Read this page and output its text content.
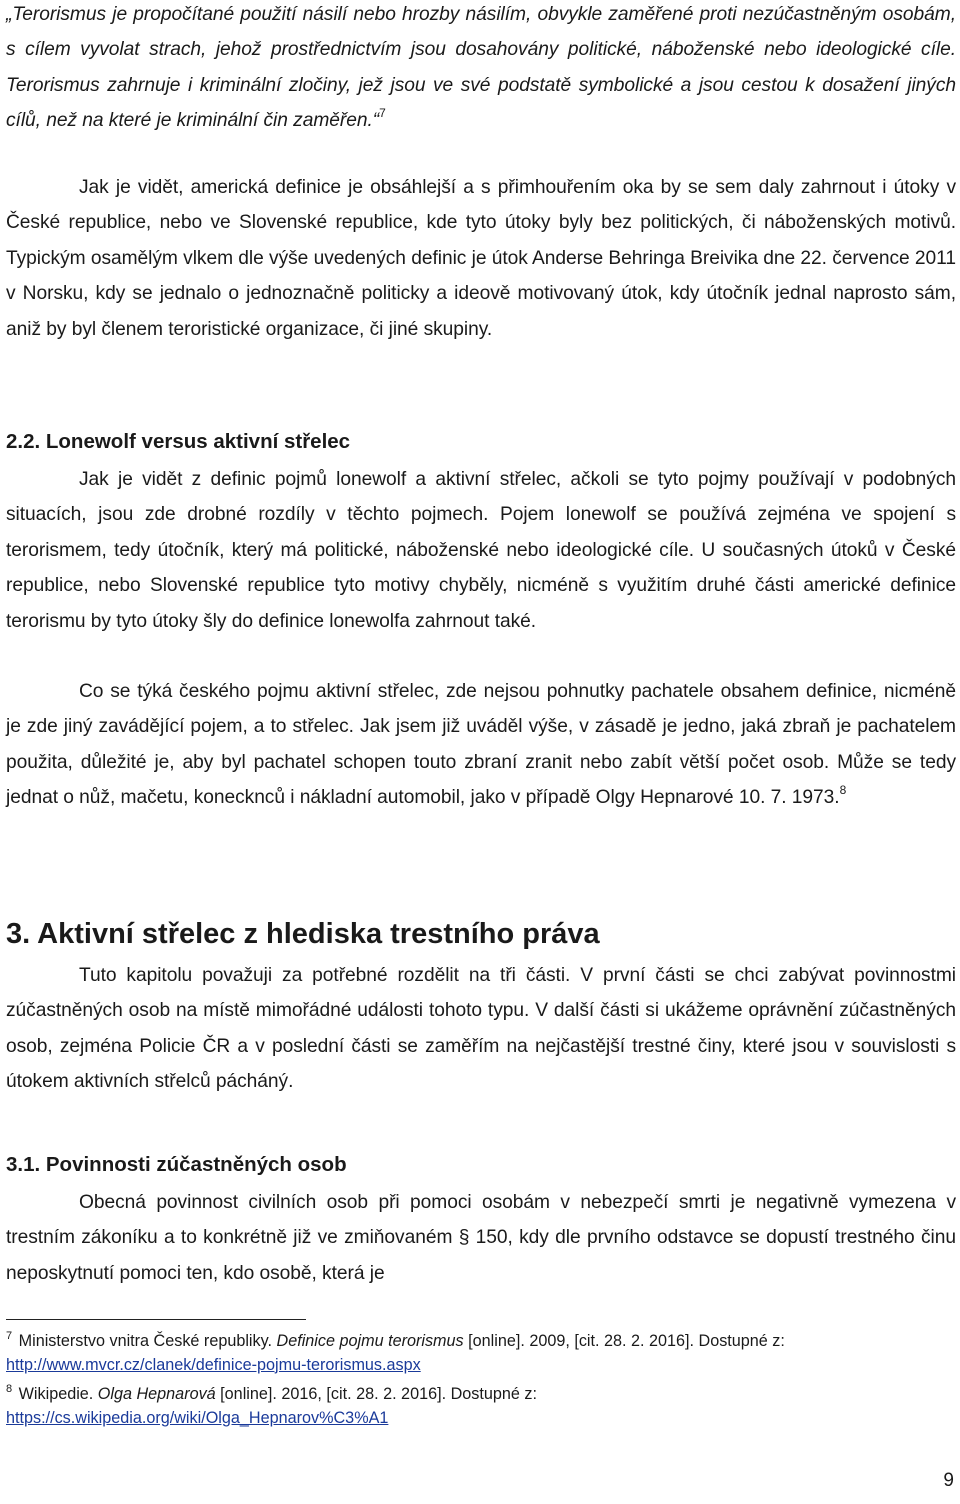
„Terorismus je propočítané použití násilí nebo hrozby násilím, obvykle zaměřené proti nezúčastněným osobám, s cílem vyvolat strach, jehož prostřednictvím jsou dosahovány politické, náboženské nebo ideologické cíle. Terorismus zahrnuje i kriminální zločiny, jež jsou ve své podstatě symbolické a jsou cestou k dosažení jiných cílů, než na které je kriminální čin zaměřen.“$^7$

Jak je vidět, americká definice je obsáhlejší a s přimhouřením oka by se sem daly zahrnout i útoky v České republice, nebo ve Slovenské republice, kde tyto útoky byly bez politických, či náboženských motivů. Typickým osamělým vlkem dle výše uvedených definic je útok Anderse Behringa Breivika dne 22. července 2011 v Norsku, kdy se jednalo o jednoznačně politicky a ideově motivovaný útok, kdy útočník jednal naprosto sám, aniž by byl členem teroristické organizace, či jiné skupiny.

2.2. Lonewolf versus aktivní střelec

Jak je vidět z definic pojmů lonewolf a aktivní střelec, ačkoli se tyto pojmy používají v podobných situacích, jsou zde drobné rozdíly v těchto pojmech. Pojem lonewolf se používá zejména ve spojení s terorismem, tedy útočník, který má politické, náboženské nebo ideologické cíle. U současných útoků v České republice, nebo Slovenské republice tyto motivy chyběly, nicméně s využitím druhé části americké definice terorismu by tyto útoky šly do definice lonewolfa zahrnout také.

Co se týká českého pojmu aktivní střelec, zde nejsou pohnutky pachatele obsahem definice, nicméně je zde jiný zavádějící pojem, a to střelec. Jak jsem již uváděl výše, v zásadě je jedno, jaká zbraň je pachatelem použita, důležité je, aby byl pachatel schopen touto zbraní zranit nebo zabít větší počet osob. Může se tedy jednat o nůž, mačetu, konecknců i nákladní automobil, jako v případě Olgy Hepnarové 10. 7. 1973.$^8$

3. Aktivní střelec z hlediska trestního práva

Tuto kapitolu považuji za potřebné rozdělit na tři části. V první části se chci zabývat povinnostmi zúčastněných osob na místě mimořádné události tohoto typu. V další části si ukážeme oprávnění zúčastněných osob, zejména Policie ČR a v poslední části se zaměřím na nejčastější trestné činy, které jsou v souvislosti s útokem aktivních střelců pácháný.

3.1. Povinnosti zúčastněných osob

Obecná povinnost civilních osob při pomoci osobám v nebezpečí smrti je negativně vymezena v trestním zákoníku a to konkrétně již ve zmiňovaném § 150, kdy dle prvního odstavce se dopustí trestného činu neposkytnutí pomoci ten, kdo osobě, která je

$^7$ Ministerstvo vnitra České republiky. Definice pojmu terorismus [online]. 2009, [cit. 28. 2. 2016]. Dostupné z:
http://www.mvcr.cz/clanek/definice-pojmu-terorismus.aspx

$^8$ Wikipedie. Olga Hepnarová [online]. 2016, [cit. 28. 2. 2016]. Dostupné z:
https://cs.wikipedia.org/wiki/Olga_Hepnarov%C3%A1

9
